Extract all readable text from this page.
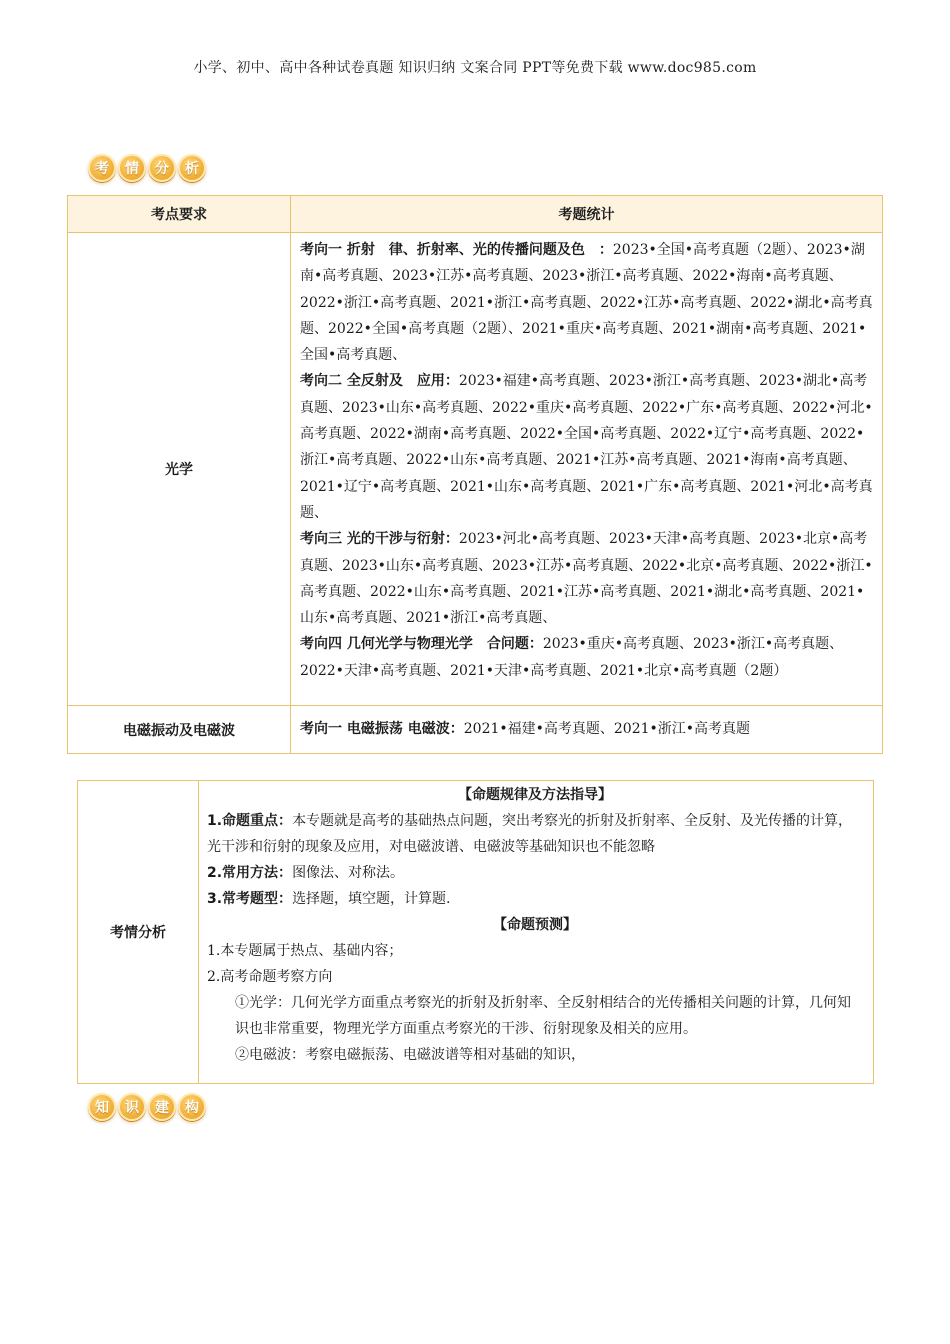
小学、初中、高中各种试卷真题 知识归纳 文案合同 PPT等免费下载 www.doc985.com
考	情	分	析
考点要求	考题统计
光学	考向一 折射　律、折射率、光的传播问题及色　：2023•全国•高考真题（2题）、2023•湖南•高考真题、2023•江苏•高考真题、2023•浙江•高考真题、2022•海南•高考真题、2022•浙江•高考真题、2021•浙江•高考真题、2022•江苏•高考真题、2022•湖北•高考真题、2022•全国•高考真题（2题）、2021•重庆•高考真题、2021•湖南•高考真题、2021•全国•高考真题、
考向二 全反射及　应用：2023•福建•高考真题、2023•浙江•高考真题、2023•湖北•高考真题、2023•山东•高考真题、2022•重庆•高考真题、2022•广东•高考真题、2022•河北•高考真题、2022•湖南•高考真题、2022•全国•高考真题、2022•辽宁•高考真题、2022•浙江•高考真题、2022•山东•高考真题、2021•江苏•高考真题、2021•海南•高考真题、2021•辽宁•高考真题、2021•山东•高考真题、2021•广东•高考真题、2021•河北•高考真题、
考向三 光的干涉与衍射：2023•河北•高考真题、2023•天津•高考真题、2023•北京•高考真题、2023•山东•高考真题、2023•江苏•高考真题、2022•北京•高考真题、2022•浙江•高考真题、2022•山东•高考真题、2021•江苏•高考真题、2021•湖北•高考真题、2021•山东•高考真题、2021•浙江•高考真题、
考向四 几何光学与物理光学　合问题：2023•重庆•高考真题、2023•浙江•高考真题、2022•天津•高考真题、2021•天津•高考真题、2021•北京•高考真题（2题）

电磁振动及电磁波	考向一 电磁振荡 电磁波：2021•福建•高考真题、2021•浙江•高考真题
考情分析	
【命题规律及方法指导】
1.命题重点：本专题就是高考的基础热点问题，突出考察光的折射及折射率、全反射、及光传播的计算，光干涉和衍射的现象及应用，对电磁波谱、电磁波等基础知识也不能忽略
2.常用方法：图像法、对称法。
3.常考题型：选择题，填空题，计算题.
【命题预测】
1.本专题属于热点、基础内容；
2.高考命题考察方向
①光学：几何光学方面重点考察光的折射及折射率、全反射相结合的光传播相关问题的计算，几何知识也非常重要，物理光学方面重点考察光的干涉、衍射现象及相关的应用。
②电磁波：考察电磁振荡、电磁波谱等相对基础的知识，
知	识	建	构
